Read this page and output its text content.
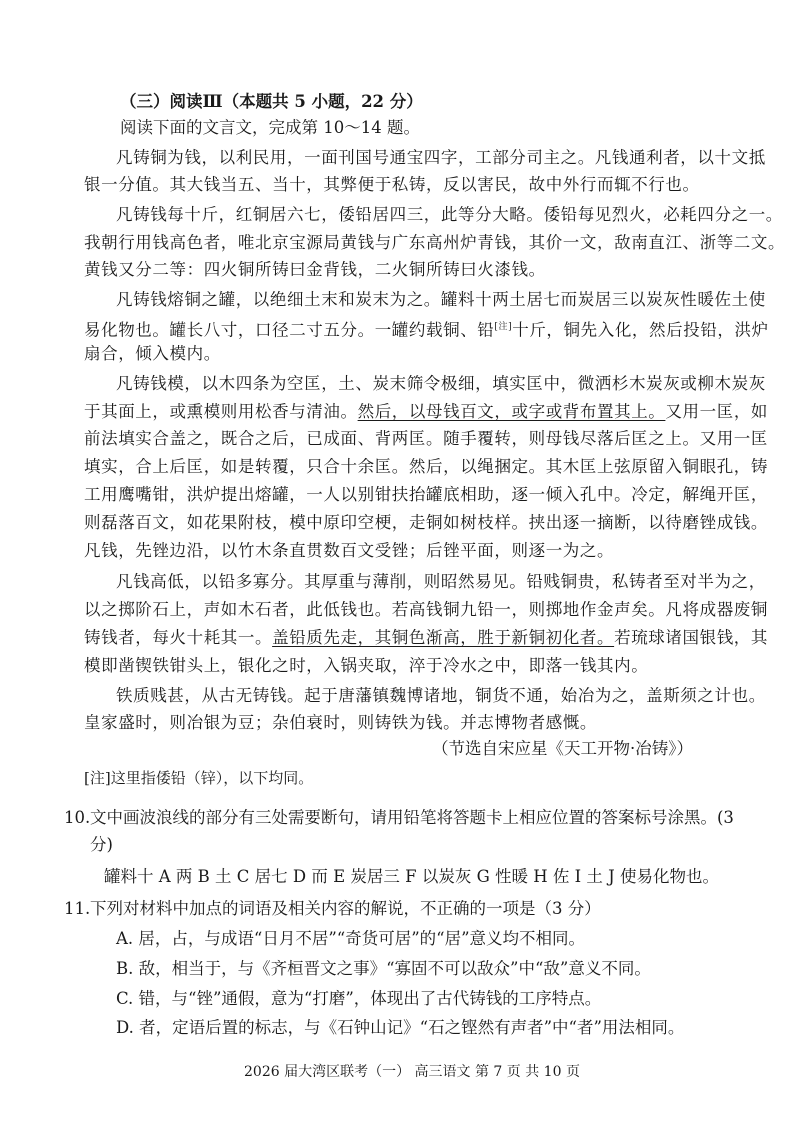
（三）阅读Ⅲ（本题共 5 小题，22 分）
阅读下面的文言文，完成第 10～14 题。
凡铸铜为钱，以利民用，一面刊国号通宝四字，工部分司主之。凡钱通利者，以十文抵
银一分值。其大钱当五、当十，其弊便于私铸，反以害民，故中外行而辄不行也。
凡铸钱每十斤，红铜居六七，倭铅居四三，此等分大略。倭铅每见烈火，必耗四分之一。
我朝行用钱高色者，唯北京宝源局黄钱与广东高州炉青钱，其价一文，敌南直江、浙等二文。
黄钱又分二等：四火铜所铸曰金背钱，二火铜所铸曰火漆钱。
凡铸钱熔铜之罐，以绝细土末和炭末为之。罐料十两土居七而炭居三以炭灰性暖佐土使
易化物也。罐长八寸，口径二寸五分。一罐约载铜、铅[注]十斤，铜先入化，然后投铅，洪炉
扇合，倾入模内。
凡铸钱模，以木四条为空匡，土、炭末筛令极细，填实匡中，微洒杉木炭灰或柳木炭灰
于其面上，或熏模则用松香与清油。然后，以母钱百文，或字或背布置其上。又用一匡，如
前法填实合盖之，既合之后，已成面、背两匡。随手覆转，则母钱尽落后匡之上。又用一匡
填实，合上后匡，如是转覆，只合十余匡。然后，以绳捆定。其木匡上弦原留入铜眼孔，铸
工用鹰嘴钳，洪炉提出熔罐，一人以别钳扶抬罐底相助，逐一倾入孔中。冷定，解绳开匡，
则磊落百文，如花果附枝，模中原印空梗，走铜如树枝样。挟出逐一摘断，以待磨锉成钱。
凡钱，先锉边沿，以竹木条直贯数百文受锉；后锉平面，则逐一为之。
凡钱高低，以铅多寡分。其厚重与薄削，则昭然易见。铅贱铜贵，私铸者至对半为之，
以之掷阶石上，声如木石者，此低钱也。若高钱铜九铅一，则掷地作金声矣。凡将成器废铜
铸钱者，每火十耗其一。盖铅质先走，其铜色渐高，胜于新铜初化者。若琉球诸国银钱，其
模即凿锲铁钳头上，银化之时，入锅夹取，淬于冷水之中，即落一钱其内。
铁质贱甚，从古无铸钱。起于唐藩镇魏博诸地，铜货不通，始冶为之，盖斯须之计也。
皇家盛时，则冶银为豆；杂伯衰时，则铸铁为钱。并志博物者感慨。
（节选自宋应星《天工开物·冶铸》）
[注]这里指倭铅（锌），以下均同。
10. 文中画波浪线的部分有三处需要断句，请用铅笔将答题卡上相应位置的答案标号涂黑。(3
分)
罐料十 A 两 B 土 C 居七 D 而 E 炭居三 F 以炭灰 G 性暖 H 佐 I 土 J 使易化物也。
11. 下列对材料中加点的词语及相关内容的解说，不正确的一项是（3 分）
A. 居，占，与成语“日月不居”“奇货可居”的“居”意义均不相同。
B. 敌，相当于，与《齐桓晋文之事》“寡固不可以敌众”中“敌”意义不同。
C. 错，与“锉”通假，意为“打磨”，体现出了古代铸钱的工序特点。
D. 者，定语后置的标志，与《石钟山记》“石之铿然有声者”中“者”用法相同。
2026 届大湾区联考（一） 高三语文 第 7 页 共 10 页
